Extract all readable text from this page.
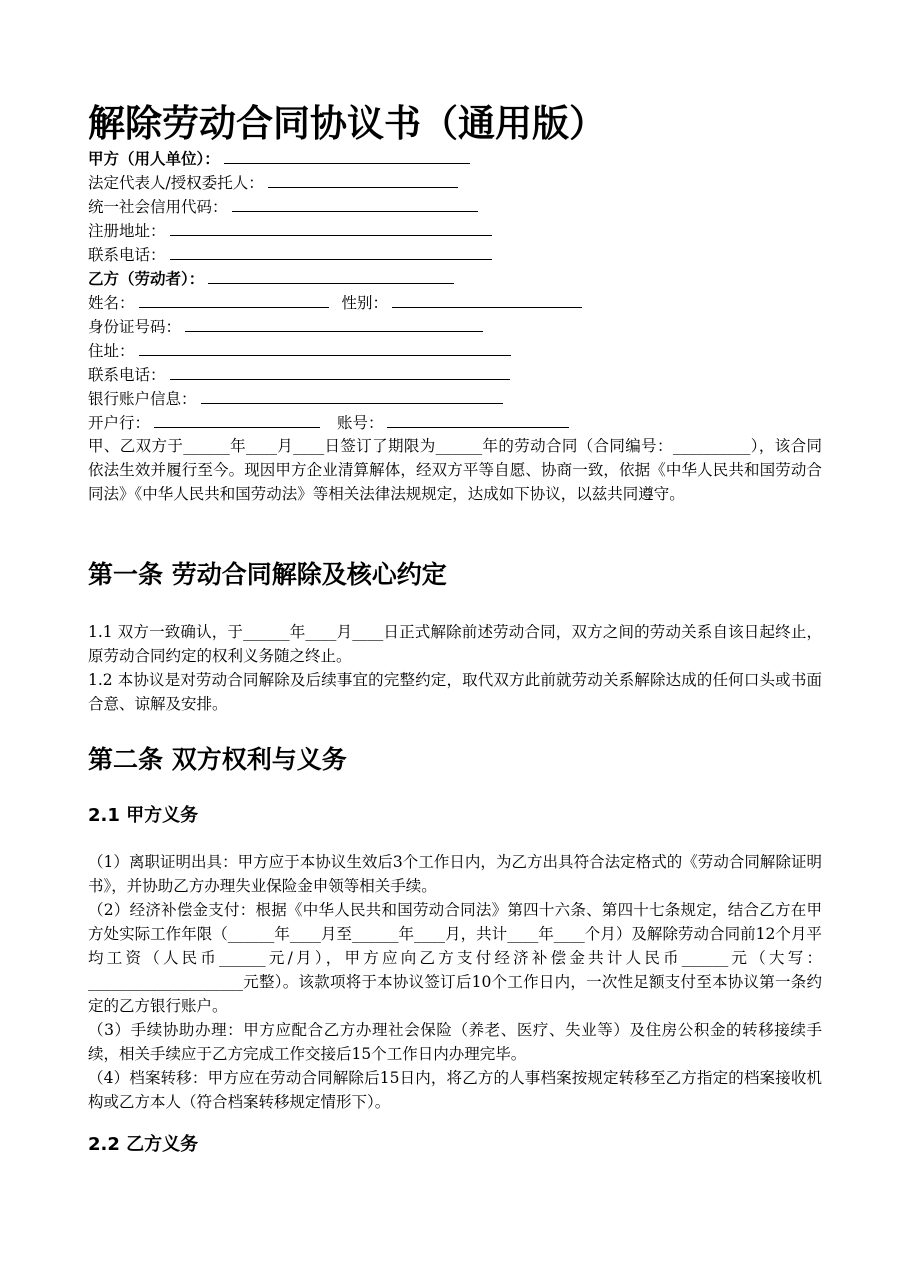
解除劳动合同协议书（通用版）
甲方（用人单位）：
法定代表人/授权委托人：
统一社会信用代码：
注册地址：
联系电话：
乙方（劳动者）：
姓名：	性别：
身份证号码：
住址：
联系电话：
银行账户信息：
开户行：	账号：

甲、乙双方于______年____月____日签订了期限为______年的劳动合同（合同编号：__________），该合同依法生效并履行至今。现因甲方企业清算解体，经双方平等自愿、协商一致，依据《中华人民共和国劳动合同法》《中华人民共和国劳动法》等相关法律法规规定，达成如下协议，以兹共同遵守。

第一条 劳动合同解除及核心约定

1.1 双方一致确认，于______年____月____日正式解除前述劳动合同，双方之间的劳动关系自该日起终止，原劳动合同约定的权利义务随之终止。

1.2 本协议是对劳动合同解除及后续事宜的完整约定，取代双方此前就劳动关系解除达成的任何口头或书面合意、谅解及安排。

第二条 双方权利与义务
2.1 甲方义务

（1）离职证明出具：甲方应于本协议生效后3个工作日内，为乙方出具符合法定格式的《劳动合同解除证明书》，并协助乙方办理失业保险金申领等相关手续。

（2）经济补偿金支付：根据《中华人民共和国劳动合同法》第四十六条、第四十七条规定，结合乙方在甲方处实际工作年限（______年____月至______年____月，共计____年____个月）及解除劳动合同前12个月平均工资（人民币______元/月），甲方应向乙方支付经济补偿金共计人民币______元（大写：____________________元整）。该款项将于本协议签订后10个工作日内，一次性足额支付至本协议第一条约定的乙方银行账户。

（3）手续协助办理：甲方应配合乙方办理社会保险（养老、医疗、失业等）及住房公积金的转移接续手续，相关手续应于乙方完成工作交接后15个工作日内办理完毕。

（4）档案转移：甲方应在劳动合同解除后15日内，将乙方的人事档案按规定转移至乙方指定的档案接收机构或乙方本人（符合档案转移规定情形下）。

2.2 乙方义务
